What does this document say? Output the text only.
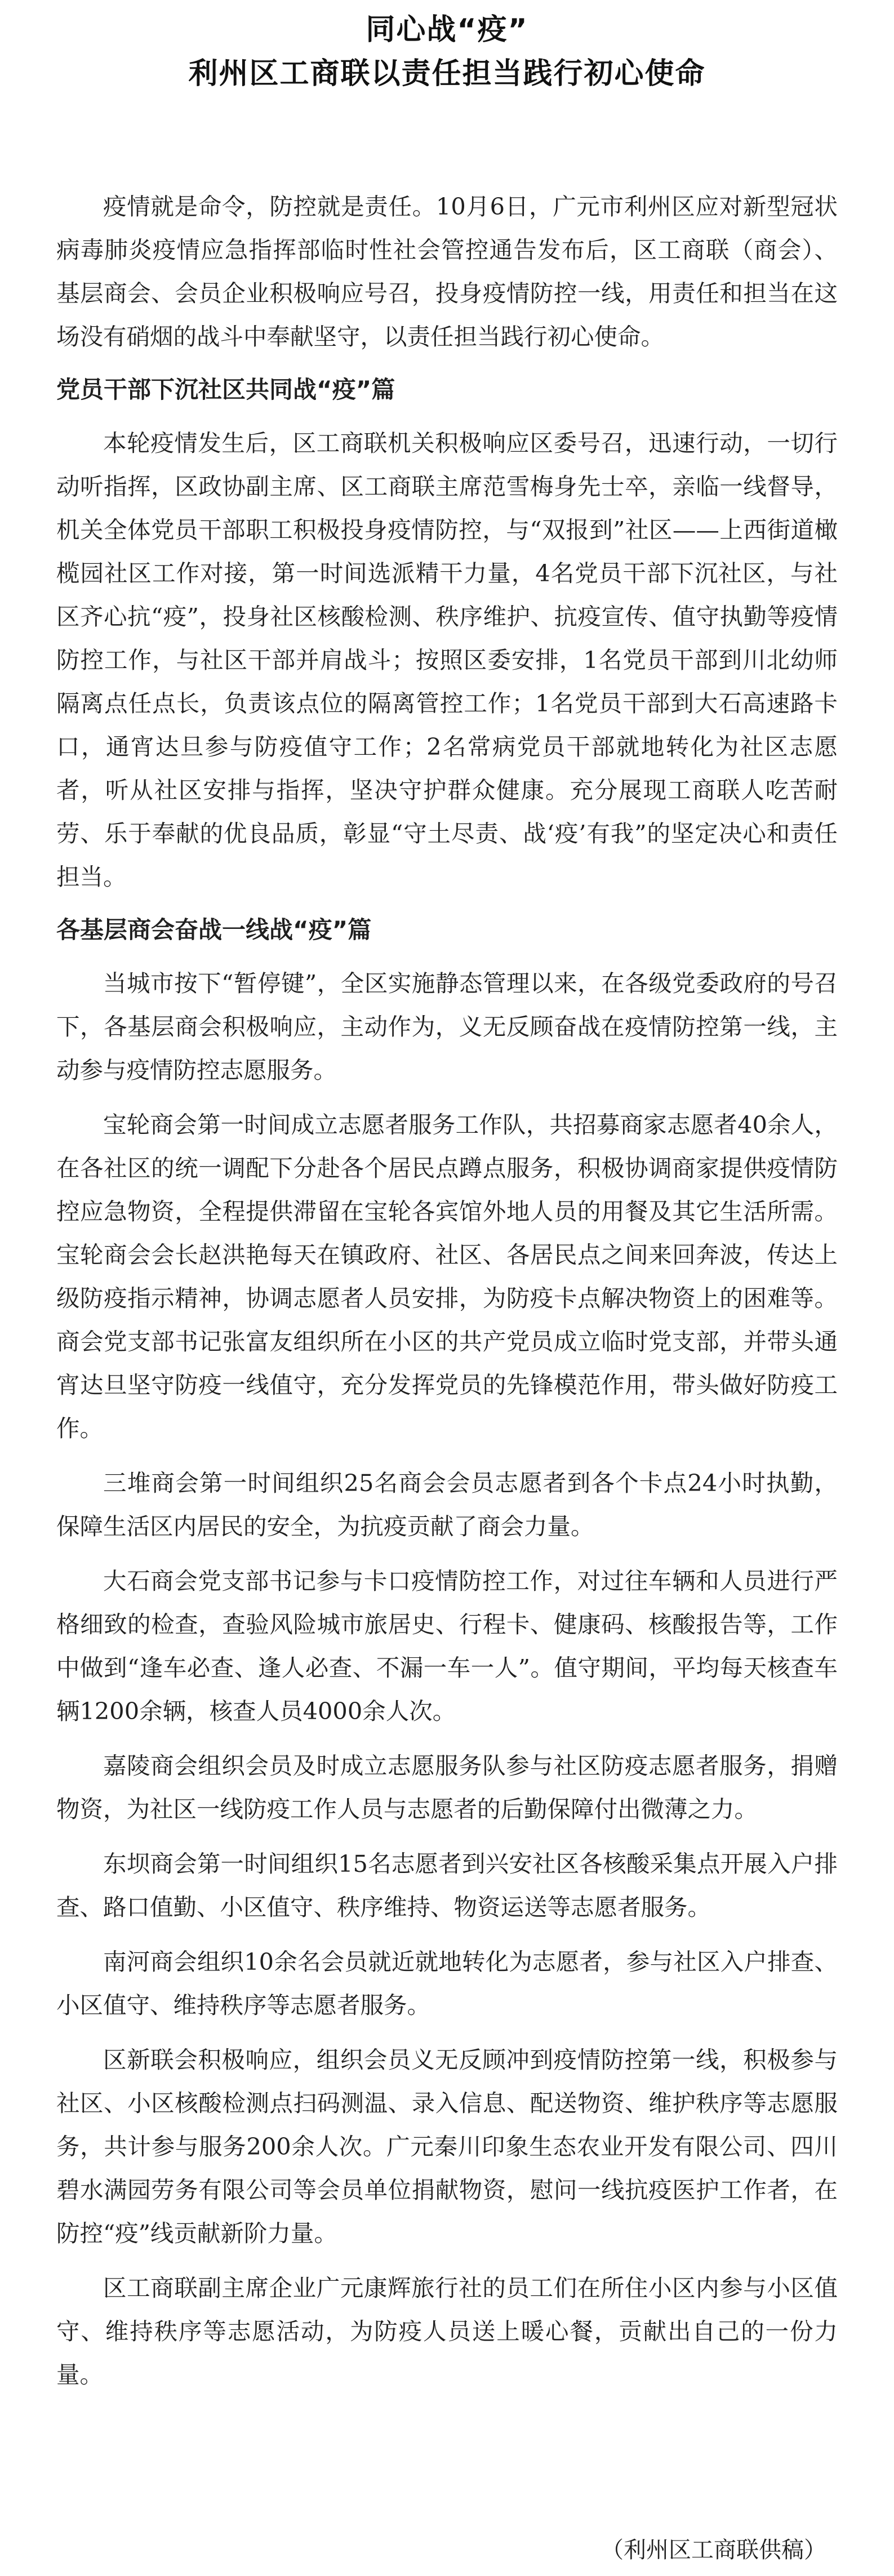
同心战“疫”
利州区工商联以责任担当践行初心使命

疫情就是命令，防控就是责任。10月6日，广元市利州区应对新型冠状病毒肺炎疫情应急指挥部临时性社会管控通告发布后，区工商联（商会）、基层商会、会员企业积极响应号召，投身疫情防控一线，用责任和担当在这场没有硝烟的战斗中奉献坚守，以责任担当践行初心使命。

党员干部下沉社区共同战“疫”篇

本轮疫情发生后，区工商联机关积极响应区委号召，迅速行动，一切行动听指挥，区政协副主席、区工商联主席范雪梅身先士卒，亲临一线督导，机关全体党员干部职工积极投身疫情防控，与“双报到”社区——上西街道橄榄园社区工作对接，第一时间选派精干力量，4名党员干部下沉社区，与社区齐心抗“疫”，投身社区核酸检测、秩序维护、抗疫宣传、值守执勤等疫情防控工作，与社区干部并肩战斗；按照区委安排，1名党员干部到川北幼师隔离点任点长，负责该点位的隔离管控工作；1名党员干部到大石高速路卡口，通宵达旦参与防疫值守工作；2名常病党员干部就地转化为社区志愿者，听从社区安排与指挥，坚决守护群众健康。充分展现工商联人吃苦耐劳、乐于奉献的优良品质，彰显“守土尽责、战‘疫’有我”的坚定决心和责任担当。

各基层商会奋战一线战“疫”篇

当城市按下“暂停键”，全区实施静态管理以来，在各级党委政府的号召下，各基层商会积极响应，主动作为，义无反顾奋战在疫情防控第一线，主动参与疫情防控志愿服务。

宝轮商会第一时间成立志愿者服务工作队，共招募商家志愿者40余人，在各社区的统一调配下分赴各个居民点蹲点服务，积极协调商家提供疫情防控应急物资，全程提供滞留在宝轮各宾馆外地人员的用餐及其它生活所需。宝轮商会会长赵洪艳每天在镇政府、社区、各居民点之间来回奔波，传达上级防疫指示精神，协调志愿者人员安排，为防疫卡点解决物资上的困难等。商会党支部书记张富友组织所在小区的共产党员成立临时党支部，并带头通宵达旦坚守防疫一线值守，充分发挥党员的先锋模范作用，带头做好防疫工作。

三堆商会第一时间组织25名商会会员志愿者到各个卡点24小时执勤，保障生活区内居民的安全，为抗疫贡献了商会力量。

大石商会党支部书记参与卡口疫情防控工作，对过往车辆和人员进行严格细致的检查，查验风险城市旅居史、行程卡、健康码、核酸报告等，工作中做到“逢车必查、逢人必查、不漏一车一人”。值守期间，平均每天核查车辆1200余辆，核查人员4000余人次。

嘉陵商会组织会员及时成立志愿服务队参与社区防疫志愿者服务，捐赠物资，为社区一线防疫工作人员与志愿者的后勤保障付出微薄之力。

东坝商会第一时间组织15名志愿者到兴安社区各核酸采集点开展入户排查、路口值勤、小区值守、秩序维持、物资运送等志愿者服务。

南河商会组织10余名会员就近就地转化为志愿者，参与社区入户排查、小区值守、维持秩序等志愿者服务。

区新联会积极响应，组织会员义无反顾冲到疫情防控第一线，积极参与社区、小区核酸检测点扫码测温、录入信息、配送物资、维护秩序等志愿服务，共计参与服务200余人次。广元秦川印象生态农业开发有限公司、四川碧水满园劳务有限公司等会员单位捐献物资，慰问一线抗疫医护工作者，在防控“疫”线贡献新阶力量。

区工商联副主席企业广元康辉旅行社的员工们在所住小区内参与小区值守、维持秩序等志愿活动，为防疫人员送上暖心餐，贡献出自己的一份力量。

（利州区工商联供稿）
